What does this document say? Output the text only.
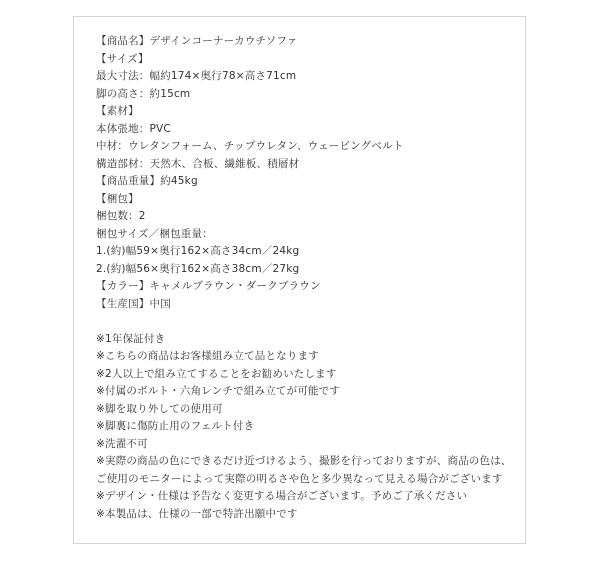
【商品名】デザインコーナーカウチソファ
【サイズ】
最大寸法：幅約174×奥行78×高さ71cm
脚の高さ：約15cm
【素材】
本体張地：PVC
中材：ウレタンフォーム、チップウレタン、ウェービングベルト
構造部材：天然木、合板、繊維板、積層材
【商品重量】約45kg
【梱包】
梱包数：2
梱包サイズ／梱包重量：
1.(約)幅59×奥行162×高さ34cm／24kg
2.(約)幅56×奥行162×高さ38cm／27kg
【カラー】キャメルブラウン・ダークブラウン
【生産国】中国
※1年保証付き
※こちらの商品はお客様組み立て品となります
※2人以上で組み立てすることをお勧めいたします
※付属のボルト・六角レンチで組み立てが可能です
※脚を取り外しての使用可
※脚裏に傷防止用のフェルト付き
※洗濯不可
※実際の商品の色にできるだけ近づけるよう、撮影を行っておりますが、商品の色は、
ご使用のモニターによって実際の明るさや色と多少異なって見える場合がございます
※デザイン・仕様は予告なく変更する場合がございます。予めご了承ください
※本製品は、仕様の一部で特許出願中です
